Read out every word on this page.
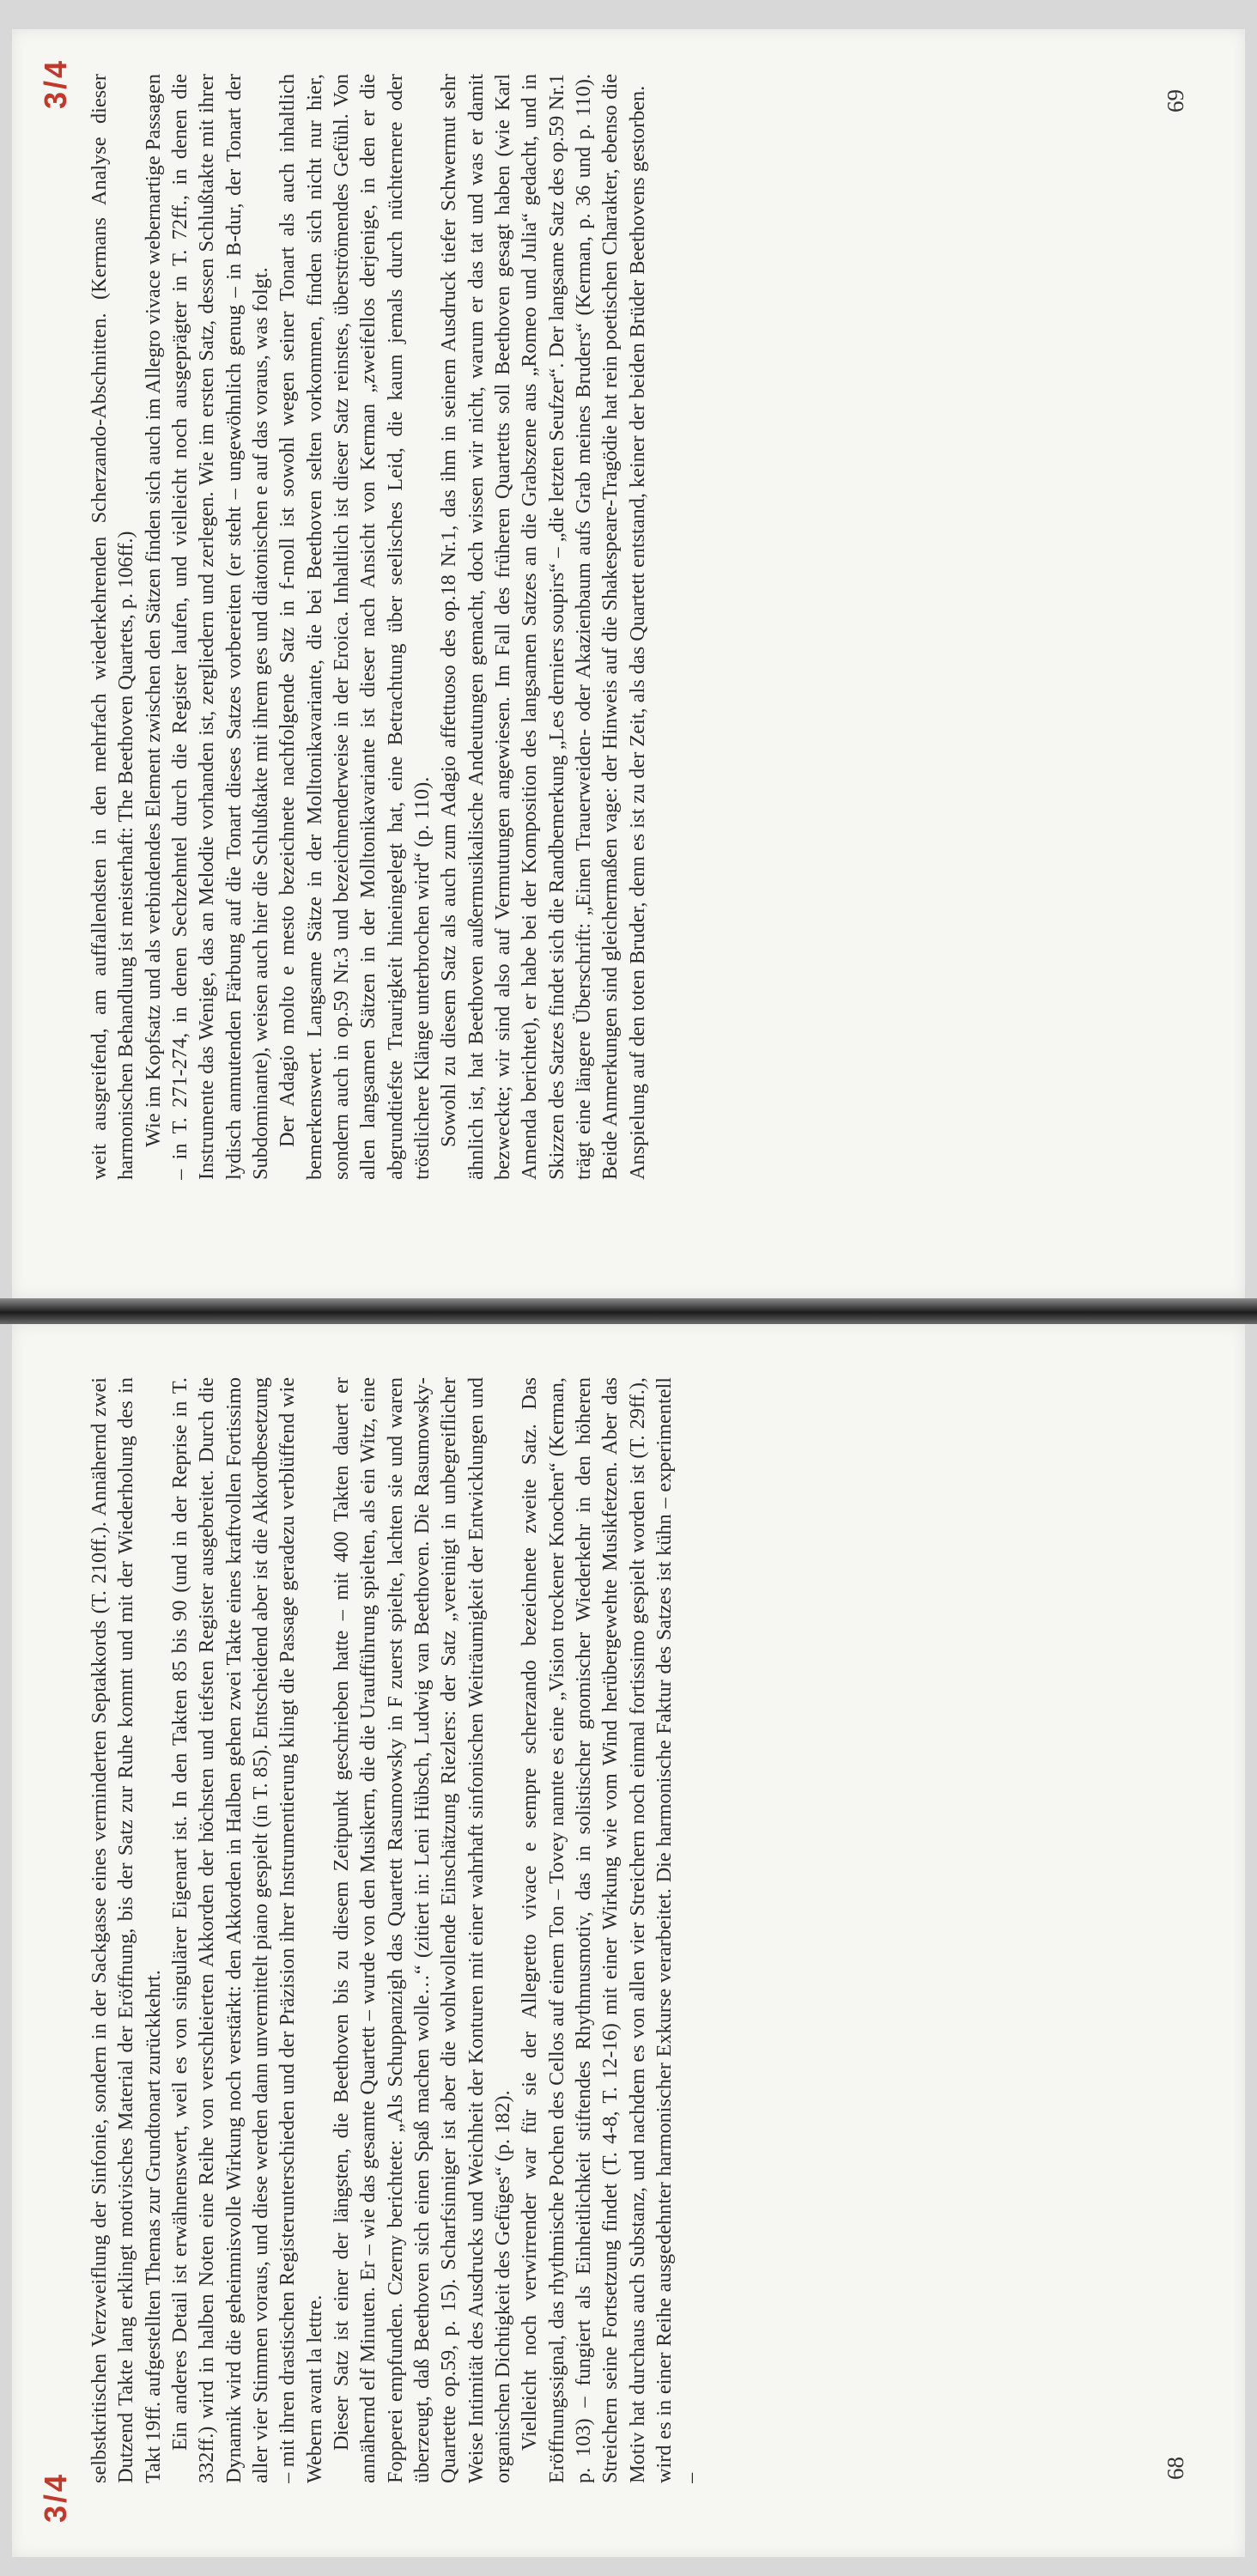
3/4

selbstkritischen Verzweiflung der Sinfonie, sondern in der Sackgasse eines verminderten Septakkords (T. 210ff.). Annähernd zwei Dutzend Takte lang erklingt motivisches Material der Eröffnung, bis der Satz zur Ruhe kommt und mit der Wiederholung des in Takt 19ff. aufgestellten Themas zur Grundtonart zurückkehrt. Ein anderes Detail ist erwähnenswert, weil es von singulärer Eigenart ist. In den Takten 85 bis 90 (und in der Reprise in T. 332ff.) wird in halben Noten eine Reihe von verschleierten Akkorden der höchsten und tiefsten Register ausgebreitet. Durch die Dynamik wird die geheimnisvolle Wirkung noch verstärkt: den Akkorden in Halben gehen zwei Takte eines kraftvollen Fortissimo aller vier Stimmen voraus, und diese werden dann unvermittelt piano gespielt (in T. 85). Entscheidend aber ist die Akkordbesetzung – mit ihren drastischen Registerunterschieden und der Präzision ihrer Instrumentierung klingt die Passage geradezu verblüffend wie Webern avant la lettre. Dieser Satz ist einer der längsten, die Beethoven bis zu diesem Zeitpunkt geschrieben hatte – mit 400 Takten dauert er annähernd elf Minuten. Er – wie das gesamte Quartett – wurde von den Musikern, die die Uraufführung spielten, als ein Witz, eine Fopperei empfunden. Czerny berichtete: „Als Schuppanzigh das Quartett Rasumowsky in F zuerst spielte, lachten sie und waren überzeugt, daß Beethoven sich einen Spaß machen wolle…“ (zitiert in: Leni Hübsch, Ludwig van Beethoven. Die Rasumowsky-Quartette op.59, p. 15). Scharfsinniger ist aber die wohlwollende Einschätzung Riezlers: der Satz „vereinigt in unbegreiflicher Weise Intimität des Ausdrucks und Weichheit der Konturen mit einer wahrhaft sinfonischen Weiträumigkeit der Entwicklungen und organischen Dichtigkeit des Gefüges“ (p. 182). Vielleicht noch verwirrender war für sie der Allegretto vivace e sempre scherzando bezeichnete zweite Satz. Das Eröffnungssignal, das rhythmische Pochen des Cellos auf einem Ton – Tovey nannte es eine „Vision trockener Knochen“ (Kerman, p. 103) – fungiert als Einheitlichkeit stiftendes Rhythmusmotiv, das in solistischer gnomischer Wiederkehr in den höheren Streichern seine Fortsetzung findet (T. 4-8, T. 12-16) mit einer Wirkung wie vom Wind herübergewehte Musikfetzen. Aber das Motiv hat durchaus auch Substanz, und nachdem es von allen vier Streichern noch einmal fortissimo gespielt worden ist (T. 29ff.), wird es in einer Reihe ausgedehnter harmonischer Exkurse verarbeitet. Die harmonische Faktur des Satzes ist kühn – experimentell –	68
3/4 weit ausgreifend, am auffallendsten in den mehrfach wiederkehrenden Scherzando-Abschnitten. (Kermans Analyse dieser harmonischen Behandlung ist meisterhaft: The Beethoven Quartets, p. 106ff.) Wie im Kopfsatz und als verbindendes Element zwischen den Sätzen finden sich auch im Allegro vivace webernartige Passagen – in T. 271-274, in denen Sechzehntel durch die Register laufen, und vielleicht noch ausgeprägter in T. 72ff., in denen die Instrumente das Wenige, das an Melodie vorhanden ist, zergliedern und zerlegen. Wie im ersten Satz, dessen Schlußtakte mit ihrer lydisch anmutenden Färbung auf die Tonart dieses Satzes vorbereiten (er steht – ungewöhnlich genug – in B-dur, der Tonart der Subdominante), weisen auch hier die Schlußtakte mit ihrem ges und diatonischen e auf das voraus, was folgt. Der Adagio molto e mesto bezeichnete nachfolgende Satz in f-moll ist sowohl wegen seiner Tonart als auch inhaltlich bemerkenswert. Langsame Sätze in der Molltonikavariante, die bei Beethoven selten vorkommen, finden sich nicht nur hier, sondern auch in op.59 Nr.3 und bezeichnenderweise in der Eroica. Inhaltlich ist dieser Satz reinstes, überströmendes Gefühl. Von allen langsamen Sätzen in der Molltonikavariante ist dieser nach Ansicht von Kerman „zweifellos derjenige, in den er die abgrundtiefste Traurigkeit hineingelegt hat, eine Betrachtung über seelisches Leid, die kaum jemals durch nüchternere oder tröstlichere Klänge unterbrochen wird“ (p. 110). Sowohl zu diesem Satz als auch zum Adagio affettuoso des op.18 Nr.1, das ihm in seinem Ausdruck tiefer Schwermut sehr ähnlich ist, hat Beethoven außermusikalische Andeutungen gemacht, doch wissen wir nicht, warum er das tat und was er damit bezweckte; wir sind also auf Vermutungen angewiesen. Im Fall des früheren Quartetts soll Beethoven gesagt haben (wie Karl Amenda berichtet), er habe bei der Komposition des langsamen Satzes an die Grabszene aus „Romeo und Julia“ gedacht, und in Skizzen des Satzes findet sich die Randbemerkung „Les derniers soupirs“ – „die letzten Seufzer“. Der langsame Satz des op.59 Nr.1 trägt eine längere Überschrift: „Einen Trauerweiden- oder Akazienbaum aufs Grab meines Bruders“ (Kerman, p. 36 und p. 110). Beide Anmerkungen sind gleichermaßen vage: der Hinweis auf die Shakespeare-Tragödie hat rein poetischen Charakter, ebenso die Anspielung auf den toten Bruder, denn es ist zu der Zeit, als das Quartett entstand, keiner der beiden Brüder Beethovens gestorben.	69
